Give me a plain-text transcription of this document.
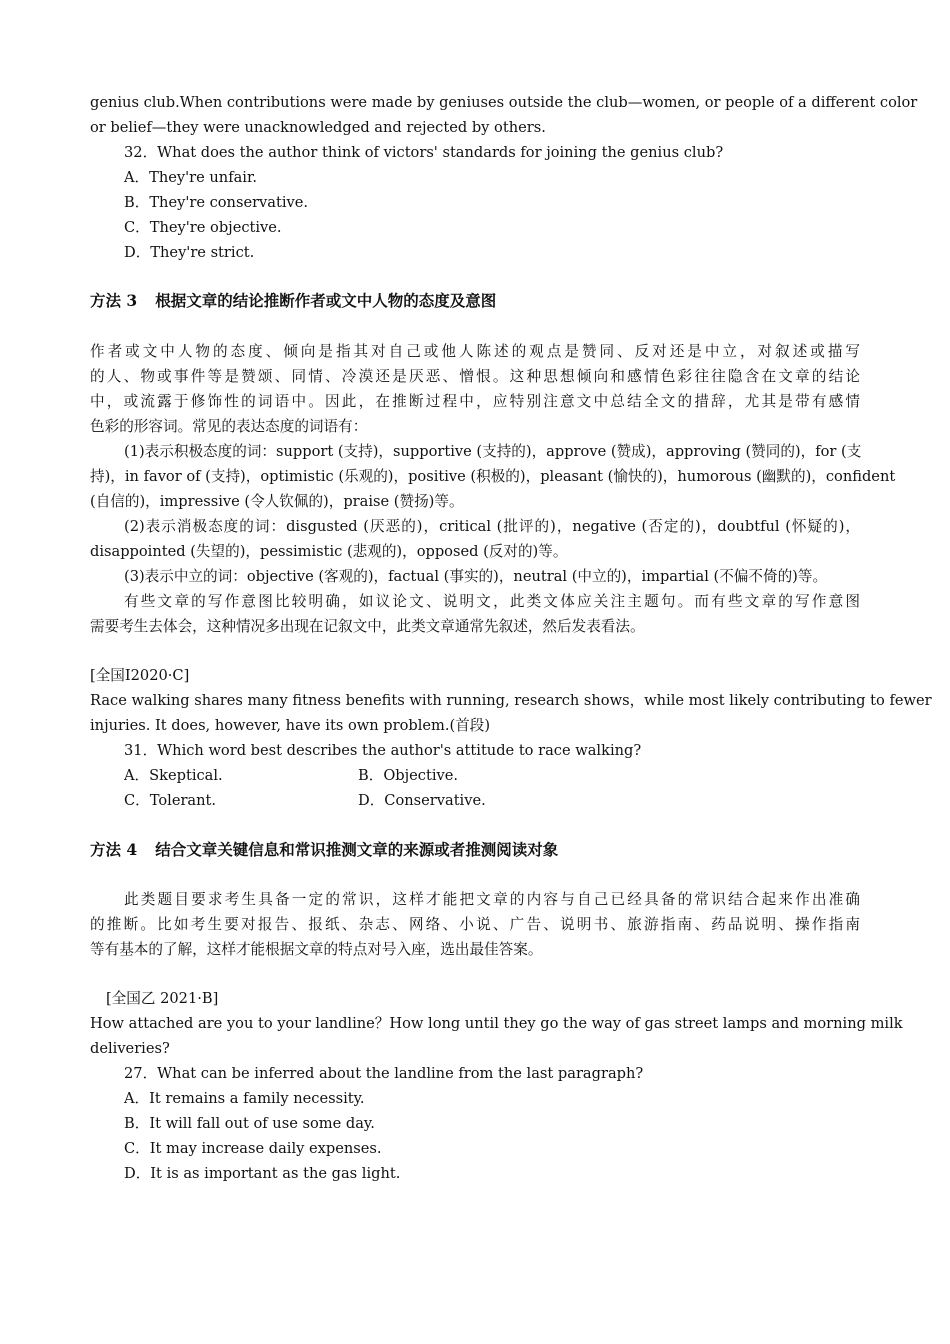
genius club.When contributions were made by geniuses outside the club—women, or people of a different color
or belief—they were unacknowledged and rejected by others.
32．What does the author think of victors' standards for joining the genius club?
A．They're unfair.
B．They're conservative.
C．They're objective.
D．They're strict.
方法 3 根据文章的结论推断作者或文中人物的态度及意图
作者或文中人物的态度、倾向是指其对自己或他人陈述的观点是赞同、反对还是中立，对叙述或描写
的人、物或事件等是赞颂、同情、冷漠还是厌恶、憎恨。这种思想倾向和感情色彩往往隐含在文章的结论
中，或流露于修饰性的词语中。因此，在推断过程中，应特别注意文中总结全文的措辞，尤其是带有感情
色彩的形容词。常见的表达态度的词语有：
(1)表示积极态度的词：support (支持)，supportive (支持的)，approve (赞成)，approving (赞同的)，for (支
持)，in favor of (支持)，optimistic (乐观的)，positive (积极的)，pleasant (愉快的)，humorous (幽默的)，confident
(自信的)，impressive (令人钦佩的)，praise (赞扬)等。
(2)表示消极态度的词：disgusted (厌恶的)，critical (批评的)，negative (否定的)，doubtful (怀疑的)，
disappointed (失望的)，pessimistic (悲观的)，opposed (反对的)等。
(3)表示中立的词：objective (客观的)，factual (事实的)，neutral (中立的)，impartial (不偏不倚的)等。
有些文章的写作意图比较明确，如议论文、说明文，此类文体应关注主题句。而有些文章的写作意图
需要考生去体会，这种情况多出现在记叙文中，此类文章通常先叙述，然后发表看法。
[全国Ⅰ2020·C]
Race walking shares many fitness benefits with running, research shows，while most likely contributing to fewer
injuries. It does, however, have its own problem.(首段)
31．Which word best describes the author's attitude to race walking?
A．Skeptical.	B．Objective.
C．Tolerant.	D．Conservative.
方法 4 结合文章关键信息和常识推测文章的来源或者推测阅读对象
此类题目要求考生具备一定的常识，这样才能把文章的内容与自己已经具备的常识结合起来作出准确
的推断。比如考生要对报告、报纸、杂志、网络、小说、广告、说明书、旅游指南、药品说明、操作指南
等有基本的了解，这样才能根据文章的特点对号入座，选出最佳答案。
[全国乙 2021·B]
How attached are you to your landline？How long until they go the way of gas street lamps and morning milk
deliveries?
27．What can be inferred about the landline from the last paragraph?
A．It remains a family necessity.
B．It will fall out of use some day.
C．It may increase daily expenses.
D．It is as important as the gas light.
